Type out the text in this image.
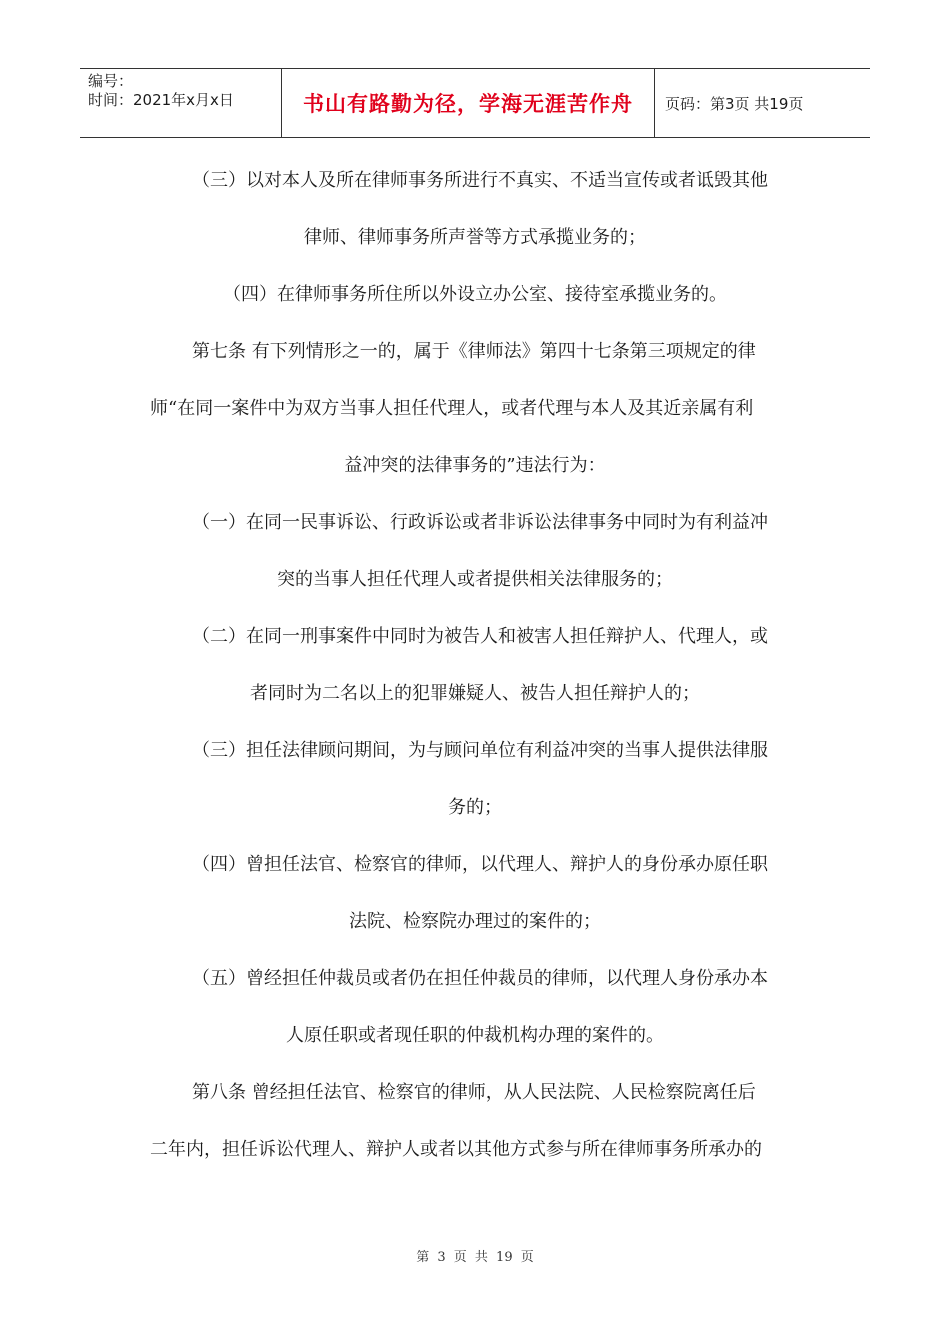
编号：
时间：2021年x月x日	书山有路勤为径，学海无涯苦作舟	页码：第3页 共19页

（三）以对本人及所在律师事务所进行不真实、不适当宣传或者诋毁其他
律师、律师事务所声誉等方式承揽业务的；

（四）在律师事务所住所以外设立办公室、接待室承揽业务的。

第七条 有下列情形之一的，属于《律师法》第四十七条第三项规定的律
师“在同一案件中为双方当事人担任代理人，或者代理与本人及其近亲属有利
益冲突的法律事务的”违法行为：

（一）在同一民事诉讼、行政诉讼或者非诉讼法律事务中同时为有利益冲
突的当事人担任代理人或者提供相关法律服务的；

（二）在同一刑事案件中同时为被告人和被害人担任辩护人、代理人，或
者同时为二名以上的犯罪嫌疑人、被告人担任辩护人的；

（三）担任法律顾问期间，为与顾问单位有利益冲突的当事人提供法律服
务的；

（四）曾担任法官、检察官的律师，以代理人、辩护人的身份承办原任职
法院、检察院办理过的案件的；

（五）曾经担任仲裁员或者仍在担任仲裁员的律师，以代理人身份承办本
人原任职或者现任职的仲裁机构办理的案件的。

第八条 曾经担任法官、检察官的律师，从人民法院、人民检察院离任后
二年内，担任诉讼代理人、辩护人或者以其他方式参与所在律师事务所承办的

第 3 页 共 19 页
